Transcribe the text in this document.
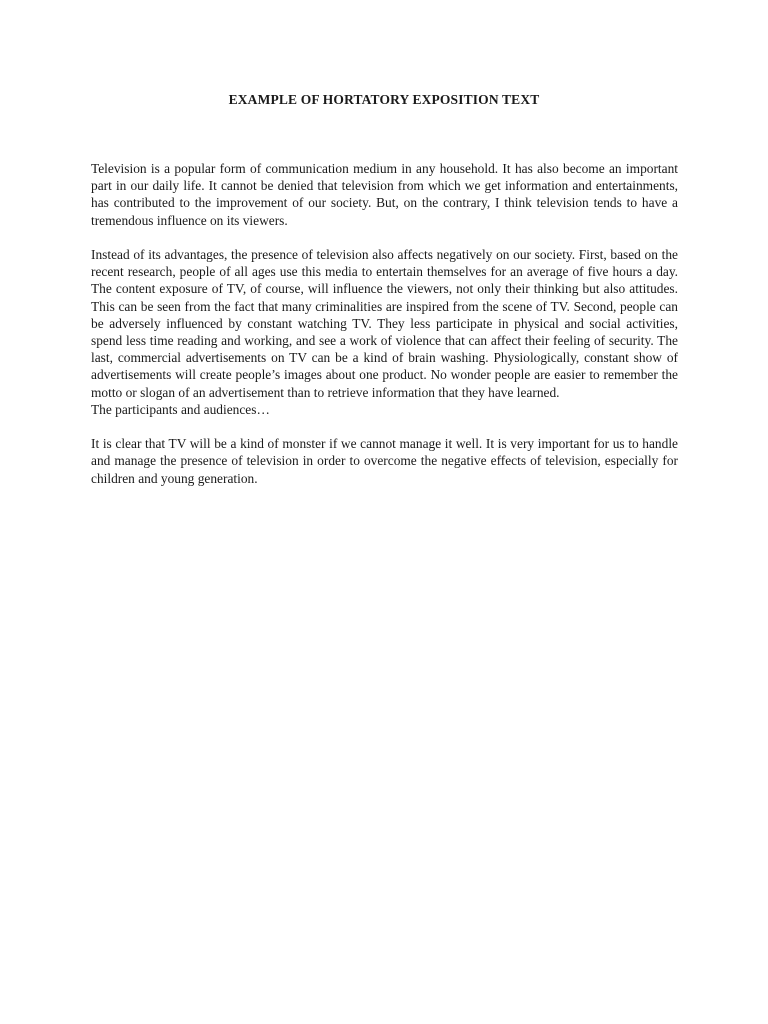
EXAMPLE OF HORTATORY EXPOSITION TEXT

Television is a popular form of communication medium in any household. It has also become an important part in our daily life. It cannot be denied that television from which we get information and entertainments, has contributed to the improvement of our society. But, on the contrary, I think television tends to have a tremendous influence on its viewers.

Instead of its advantages, the presence of television also affects negatively on our society. First, based on the recent research, people of all ages use this media to entertain themselves for an average of five hours a day. The content exposure of TV, of course, will influence the viewers, not only their thinking but also attitudes. This can be seen from the fact that many criminalities are inspired from the scene of TV. Second, people can be adversely influenced by constant watching TV. They less participate in physical and social activities, spend less time reading and working, and see a work of violence that can affect their feeling of security. The last, commercial advertisements on TV can be a kind of brain washing. Physiologically, constant show of advertisements will create people’s images about one product. No wonder people are easier to remember the motto or slogan of an advertisement than to retrieve information that they have learned.

The participants and audiences…

It is clear that TV will be a kind of monster if we cannot manage it well. It is very important for us to handle and manage the presence of television in order to overcome the negative effects of television, especially for children and young generation.
